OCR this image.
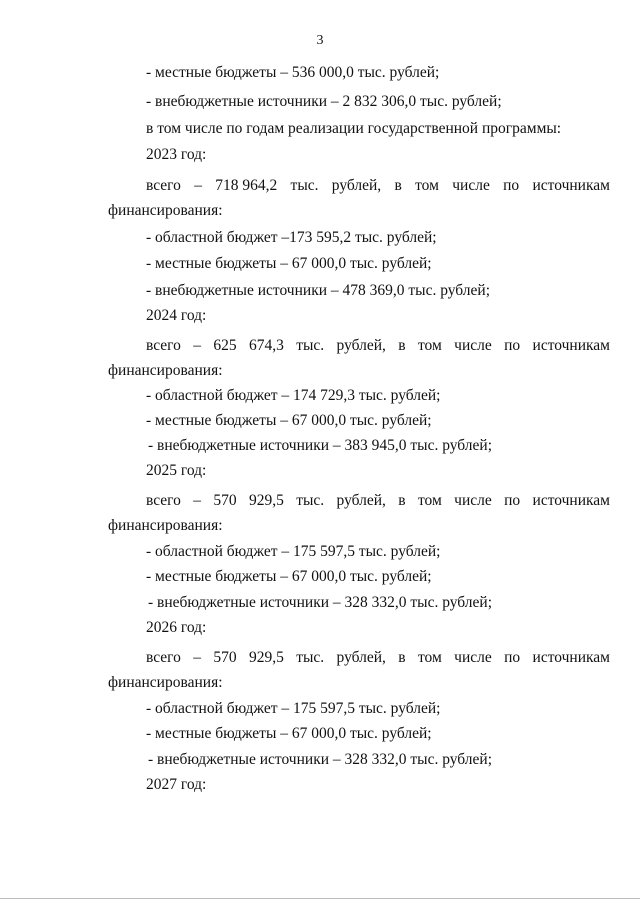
3
- местные бюджеты – 536 000,0 тыс. рублей;
- внебюджетные источники – 2 832 306,0 тыс. рублей;
в том числе по годам реализации государственной программы:
2023 год:
всего – 718 964,2 тыс. рублей, в том числе по источникам
финансирования:
- областной бюджет –173 595,2 тыс. рублей;
- местные бюджеты – 67 000,0 тыс. рублей;
- внебюджетные источники – 478 369,0 тыс. рублей;
2024 год:
всего – 625 674,3 тыс. рублей, в том числе по источникам
финансирования:
- областной бюджет – 174 729,3 тыс. рублей;
- местные бюджеты – 67 000,0 тыс. рублей;
- внебюджетные источники – 383 945,0 тыс. рублей;
2025 год:
всего – 570 929,5 тыс. рублей, в том числе по источникам
финансирования:
- областной бюджет – 175 597,5 тыс. рублей;
- местные бюджеты – 67 000,0 тыс. рублей;
- внебюджетные источники – 328 332,0 тыс. рублей;
2026 год:
всего – 570 929,5 тыс. рублей, в том числе по источникам
финансирования:
- областной бюджет – 175 597,5 тыс. рублей;
- местные бюджеты – 67 000,0 тыс. рублей;
- внебюджетные источники – 328 332,0 тыс. рублей;
2027 год:
